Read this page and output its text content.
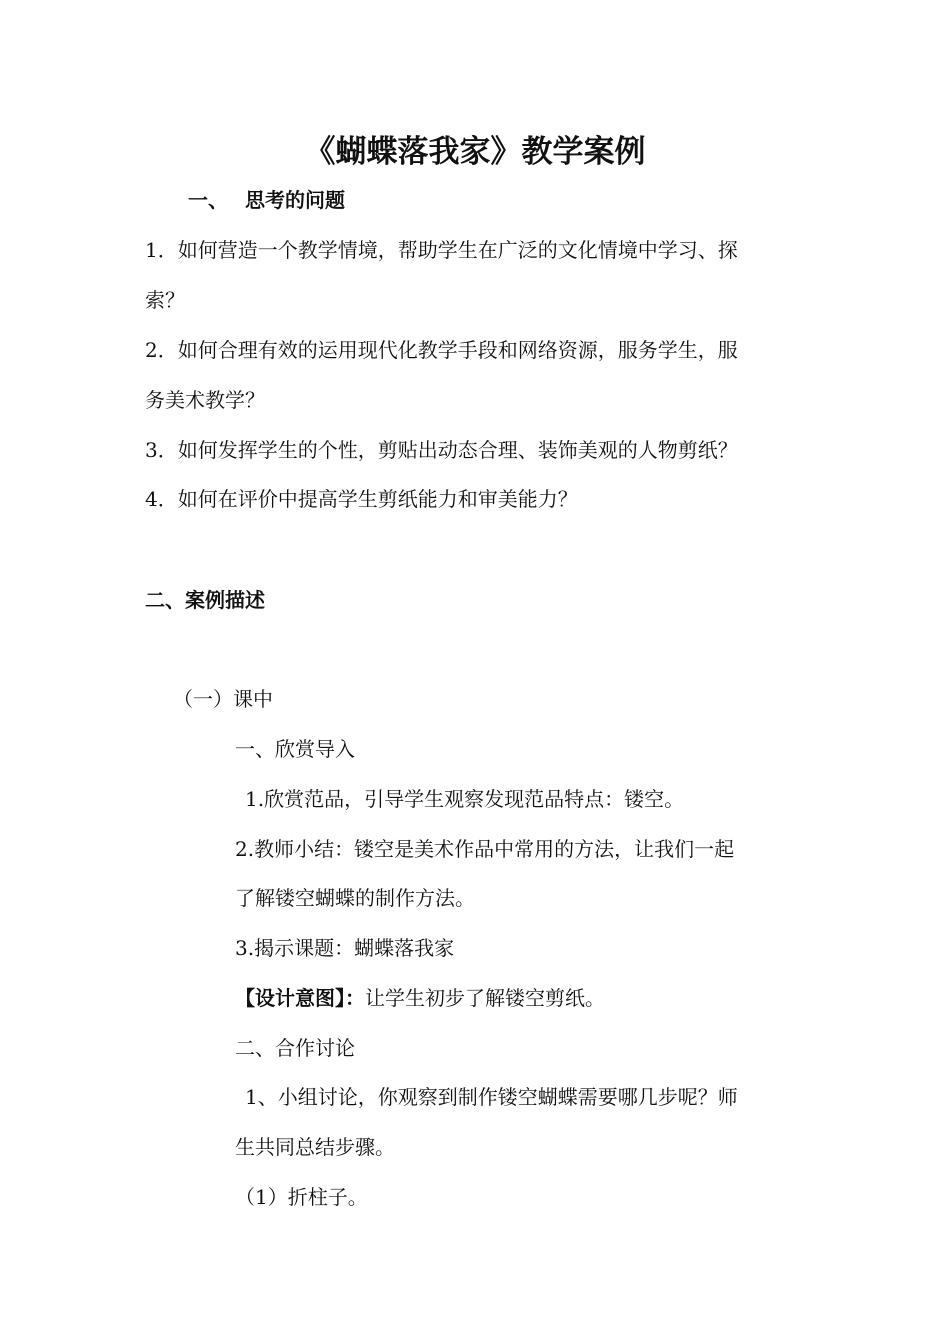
《蝴蝶落我家》教学案例
一、 思考的问题
1．如何营造一个教学情境，帮助学生在广泛的文化情境中学习、探
索？
2．如何合理有效的运用现代化教学手段和网络资源，服务学生，服
务美术教学？
3．如何发挥学生的个性，剪贴出动态合理、装饰美观的人物剪纸？
4．如何在评价中提高学生剪纸能力和审美能力？
二、案例描述
（一）课中
一、欣赏导入
1.欣赏范品，引导学生观察发现范品特点：镂空。
2.教师小结：镂空是美术作品中常用的方法，让我们一起
了解镂空蝴蝶的制作方法。
3.揭示课题：蝴蝶落我家
【设计意图】：让学生初步了解镂空剪纸。
二、合作讨论
1、小组讨论，你观察到制作镂空蝴蝶需要哪几步呢？师
生共同总结步骤。
（1）折柱子。
